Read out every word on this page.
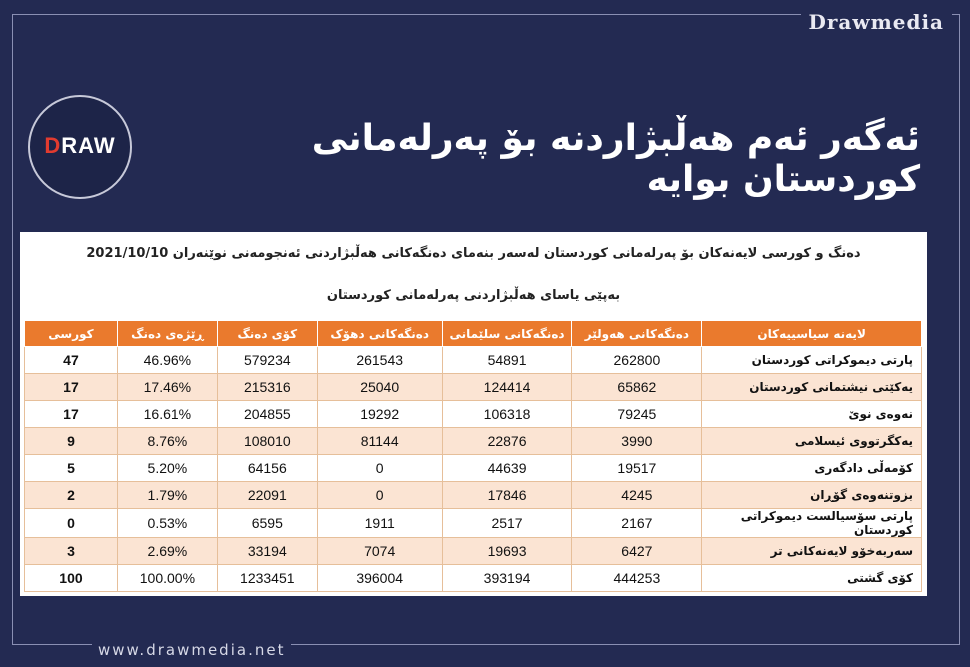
Drawmedia
DRAW	ئەگەر ئەم هەڵبژاردنە بۆ پەرلەمانی کوردستان بوایە
دەنگ و کورسی لایەنەکان بۆ پەرلەمانی کوردستان لەسەر بنەمای دەنگەکانی هەڵبژاردنی ئەنجومەنی نوێنەران 2021/10/10
بەپێی یاسای هەڵبژاردنی پەرلەمانی کوردستان
لایەنە سیاسییەکان	دەنگەکانی هەولێر	دەنگەکانی سلێمانی	دەنگەکانی دهۆک	کۆی دەنگ	ڕێژەی دەنگ	کورسی
پارتی دیموکراتی کوردستان	262800	54891	261543	579234	46.96%	47
یەکێتی نیشتمانی کوردستان	65862	124414	25040	215316	17.46%	17
نەوەی نوێ	79245	106318	19292	204855	16.61%	17
یەکگرتووی ئیسلامی	3990	22876	81144	108010	8.76%	9
کۆمەڵی دادگەری	19517	44639	0	64156	5.20%	5
بزوتنەوەی گۆڕان	4245	17846	0	22091	1.79%	2
پارتی سۆسیالست دیموکراتی کوردستان	2167	2517	1911	6595	0.53%	0
سەربەخۆو لایەنەکانی تر	6427	19693	7074	33194	2.69%	3
کۆی گشتی	444253	393194	396004	1233451	100.00%	100
www.drawmedia.net
